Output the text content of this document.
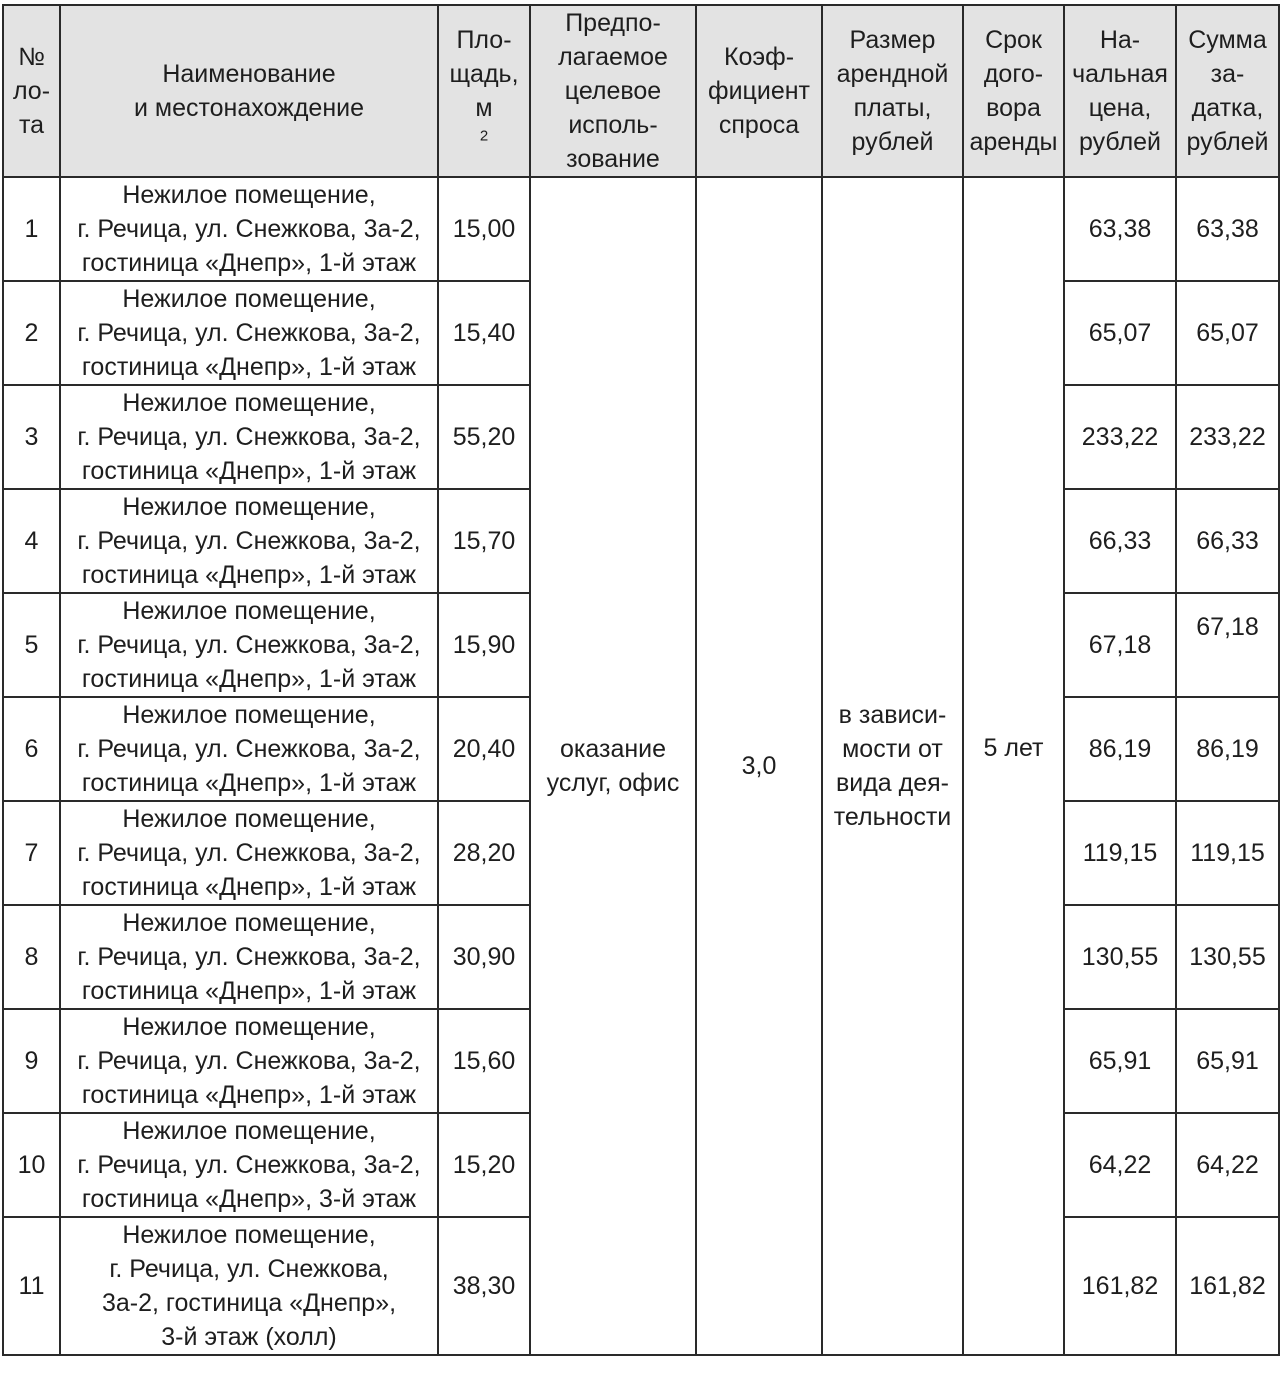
№
ло-
та	Наименование
и местонахождение	Пло-
щадь,
м
$^2$	Предпо-
лагаемое
целевое
исполь-
зование	Коэф-
фициент
спроса	Размер
арендной
платы,
рублей	Срок
дого-
вора
аренды	На-
чальная
цена,
рублей	Сумма
за-
датка,
рублей

1	Нежилое помещение,
г. Речица, ул. Снежкова, 3а-2,
гостиница «Днепр», 1-й этаж	15,00	оказание
услуг, офис	3,0	в зависи-
мости от
вида дея-
тельности	5 лет	63,38	63,38
2	Нежилое помещение,
г. Речица, ул. Снежкова, 3а-2,
гостиница «Днепр», 1-й этаж	15,40					65,07	65,07
3	Нежилое помещение,
г. Речица, ул. Снежкова, 3а-2,
гостиница «Днепр», 1-й этаж	55,20					233,22	233,22
4	Нежилое помещение,
г. Речица, ул. Снежкова, 3а-2,
гостиница «Днепр», 1-й этаж	15,70					66,33	66,33
5	Нежилое помещение,
г. Речица, ул. Снежкова, 3а-2,
гостиница «Днепр», 1-й этаж	15,90					67,18	67,18
6	Нежилое помещение,
г. Речица, ул. Снежкова, 3а-2,
гостиница «Днепр», 1-й этаж	20,40					86,19	86,19
7	Нежилое помещение,
г. Речица, ул. Снежкова, 3а-2,
гостиница «Днепр», 1-й этаж	28,20					119,15	119,15
8	Нежилое помещение,
г. Речица, ул. Снежкова, 3а-2,
гостиница «Днепр», 1-й этаж	30,90					130,55	130,55
9	Нежилое помещение,
г. Речица, ул. Снежкова, 3а-2,
гостиница «Днепр», 1-й этаж	15,60					65,91	65,91
10	Нежилое помещение,
г. Речица, ул. Снежкова, 3а-2,
гостиница «Днепр», 3-й этаж	15,20					64,22	64,22
11	Нежилое помещение,
г. Речица, ул. Снежкова,
3а-2, гостиница «Днепр»,
3-й этаж (холл)	38,30					161,82	161,82
